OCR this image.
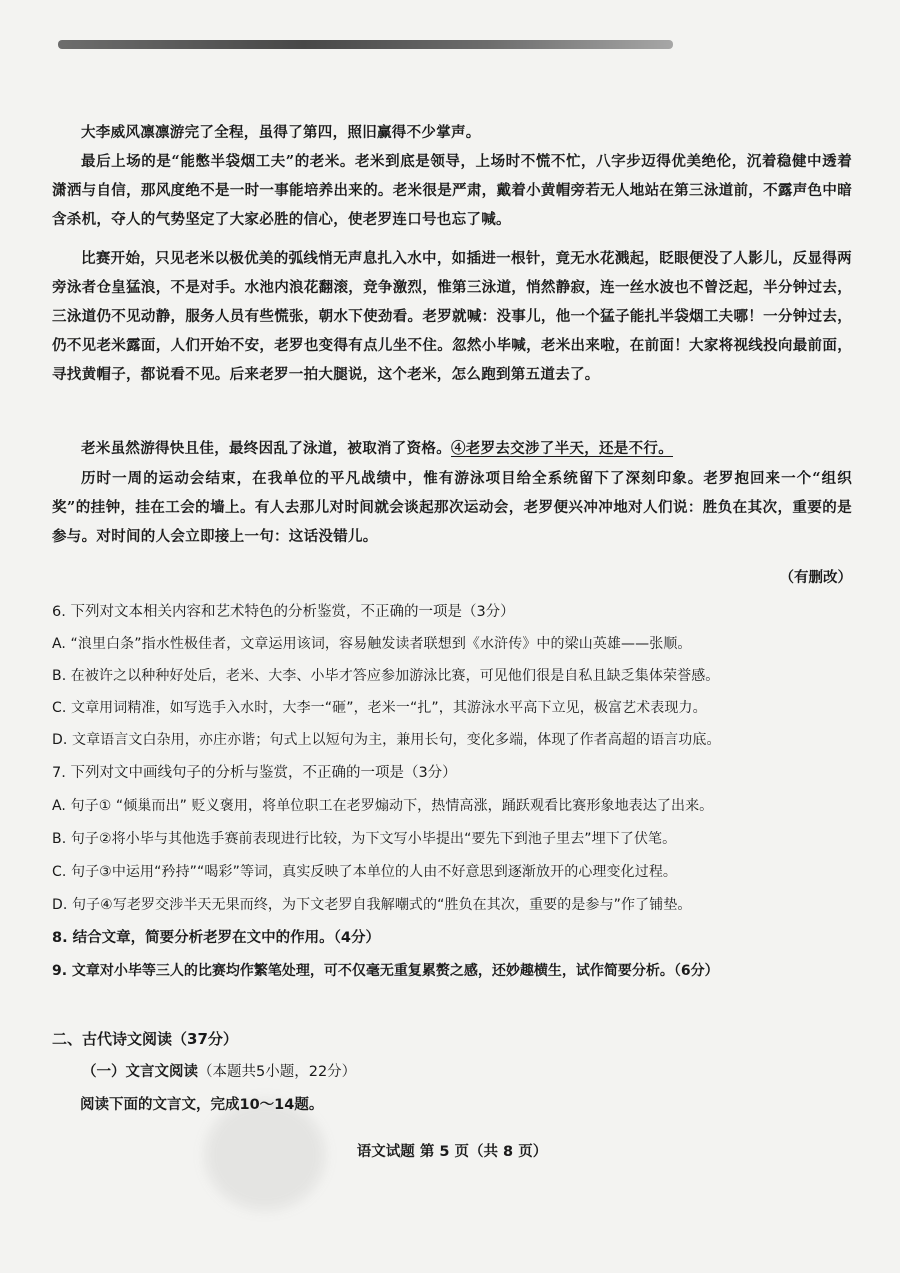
大李威风凛凛游完了全程，虽得了第四，照旧赢得不少掌声。

最后上场的是“能憋半袋烟工夫”的老米。老米到底是领导，上场时不慌不忙，八字步迈得优美绝伦，沉着稳健中透着潇洒与自信，那风度绝不是一时一事能培养出来的。老米很是严肃，戴着小黄帽旁若无人地站在第三泳道前，不露声色中暗含杀机，夺人的气势坚定了大家必胜的信心，使老罗连口号也忘了喊。

比赛开始，只见老米以极优美的弧线悄无声息扎入水中，如插进一根针，竟无水花溅起，眨眼便没了人影儿，反显得两旁泳者仓皇猛浪，不是对手。水池内浪花翻滚，竞争激烈，惟第三泳道，悄然静寂，连一丝水波也不曾泛起，半分钟过去，三泳道仍不见动静，服务人员有些慌张，朝水下使劲看。老罗就喊：没事儿，他一个猛子能扎半袋烟工夫哪！一分钟过去，仍不见老米露面，人们开始不安，老罗也变得有点儿坐不住。忽然小毕喊，老米出来啦，在前面！大家将视线投向最前面，寻找黄帽子，都说看不见。后来老罗一拍大腿说，这个老米，怎么跑到第五道去了。

老米虽然游得快且佳，最终因乱了泳道，被取消了资格。④老罗去交涉了半天，还是不行。

历时一周的运动会结束，在我单位的平凡战绩中，惟有游泳项目给全系统留下了深刻印象。老罗抱回来一个“组织奖”的挂钟，挂在工会的墙上。有人去那儿对时间就会谈起那次运动会，老罗便兴冲冲地对人们说：胜负在其次，重要的是参与。对时间的人会立即接上一句：这话没错儿。

（有删改）

6. 下列对文本相关内容和艺术特色的分析鉴赏，不正确的一项是（3分）

A. “浪里白条”指水性极佳者，文章运用该词，容易触发读者联想到《水浒传》中的梁山英雄——张顺。

B. 在被许之以种种好处后，老米、大李、小毕才答应参加游泳比赛，可见他们很是自私且缺乏集体荣誉感。

C. 文章用词精准，如写选手入水时，大李一“砸”，老米一“扎”，其游泳水平高下立见，极富艺术表现力。

D. 文章语言文白杂用，亦庄亦谐；句式上以短句为主，兼用长句，变化多端，体现了作者高超的语言功底。

7. 下列对文中画线句子的分析与鉴赏，不正确的一项是（3分）

A. 句子① “倾巢而出” 贬义褒用，将单位职工在老罗煽动下，热情高涨，踊跃观看比赛形象地表达了出来。

B. 句子②将小毕与其他选手赛前表现进行比较，为下文写小毕提出“要先下到池子里去”埋下了伏笔。

C. 句子③中运用“矜持”“喝彩”等词，真实反映了本单位的人由不好意思到逐渐放开的心理变化过程。

D. 句子④写老罗交涉半天无果而终，为下文老罗自我解嘲式的“胜负在其次，重要的是参与”作了铺垫。

8. 结合文章，简要分析老罗在文中的作用。（4分）

9. 文章对小毕等三人的比赛均作繁笔处理，可不仅毫无重复累赘之感，还妙趣横生，试作简要分析。（6分）

二、古代诗文阅读（37分）

（一）文言文阅读（本题共5小题，22分）

阅读下面的文言文，完成10～14题。

语文试题 第 5 页（共 8 页）
